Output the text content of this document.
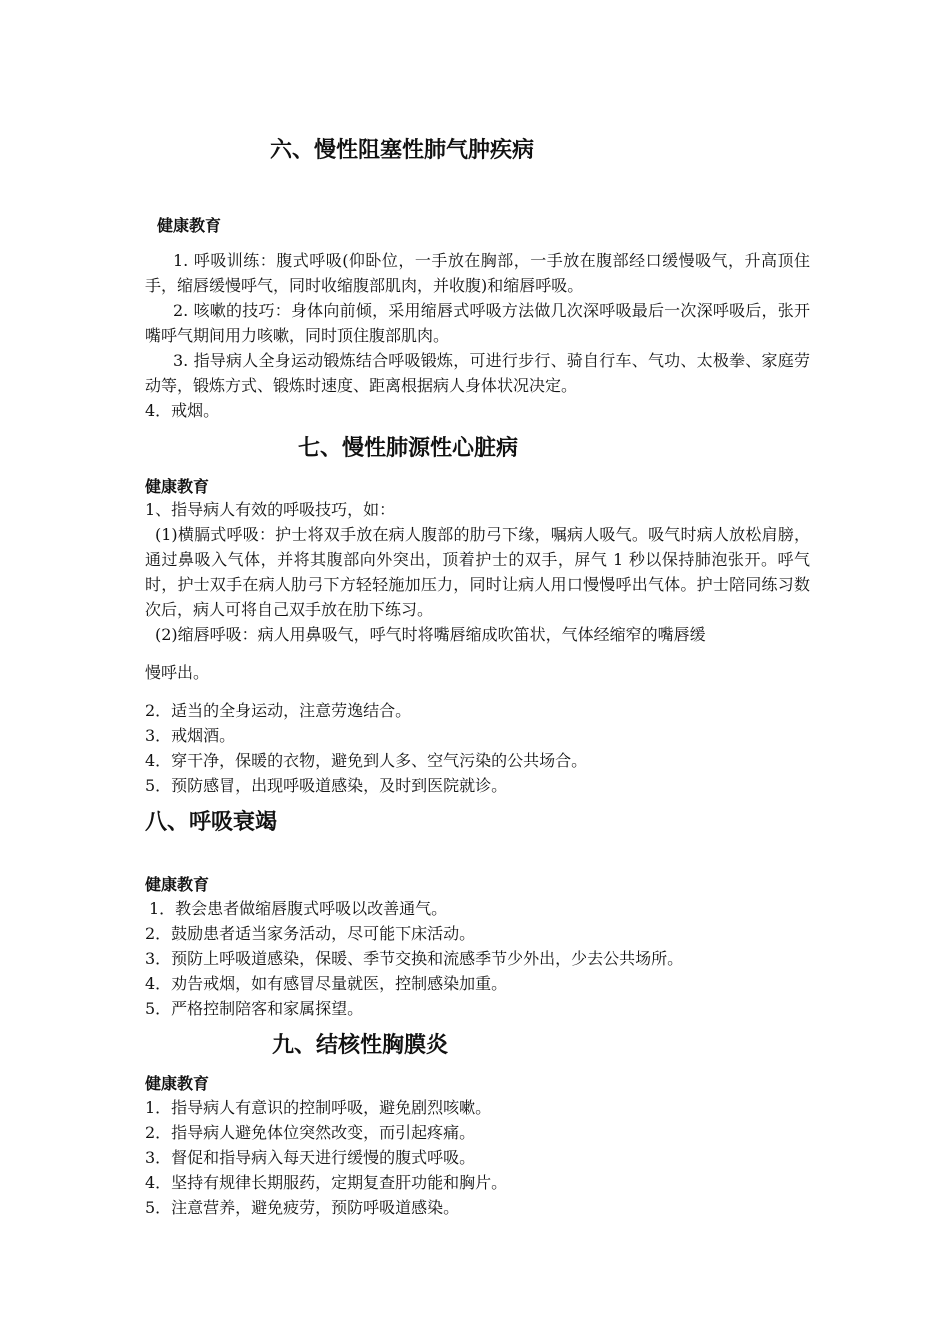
六、慢性阻塞性肺气肿疾病
健康教育
1. 呼吸训练：腹式呼吸(仰卧位，一手放在胸部，一手放在腹部经口缓慢吸气，升高顶住手，缩唇缓慢呼气，同时收缩腹部肌肉，并收腹)和缩唇呼吸。
2. 咳嗽的技巧：身体向前倾，采用缩唇式呼吸方法做几次深呼吸最后一次深呼吸后，张开嘴呼气期间用力咳嗽，同时顶住腹部肌肉。
3. 指导病人全身运动锻炼结合呼吸锻炼，可进行步行、骑自行车、气功、太极拳、家庭劳动等，锻炼方式、锻炼时速度、距离根据病人身体状况决定。
4．戒烟。
七、慢性肺源性心脏病
健康教育
1、指导病人有效的呼吸技巧，如：
(1)横膈式呼吸：护士将双手放在病人腹部的肋弓下缘，嘱病人吸气。吸气时病人放松肩膀，通过鼻吸入气体，并将其腹部向外突出，顶着护士的双手，屏气 1 秒以保持肺泡张开。呼气时，护士双手在病人肋弓下方轻轻施加压力，同时让病人用口慢慢呼出气体。护士陪同练习数次后，病人可将自己双手放在肋下练习。
(2)缩唇呼吸：病人用鼻吸气，呼气时将嘴唇缩成吹笛状，气体经缩窄的嘴唇缓
慢呼出。
2．适当的全身运动，注意劳逸结合。
3．戒烟酒。
4．穿干净，保暖的衣物，避免到人多、空气污染的公共场合。
5．预防感冒，出现呼吸道感染，及时到医院就诊。
八、呼吸衰竭
健康教育
1．教会患者做缩唇腹式呼吸以改善通气。
2．鼓励患者适当家务活动，尽可能下床活动。
3．预防上呼吸道感染，保暖、季节交换和流感季节少外出，少去公共场所。
4．劝告戒烟，如有感冒尽量就医，控制感染加重。
5．严格控制陪客和家属探望。
九、结核性胸膜炎
健康教育
1．指导病人有意识的控制呼吸，避免剧烈咳嗽。
2．指导病人避免体位突然改变，而引起疼痛。
3．督促和指导病入每天进行缓慢的腹式呼吸。
4．坚持有规律长期服药，定期复查肝功能和胸片。
5．注意营养，避免疲劳，预防呼吸道感染。
